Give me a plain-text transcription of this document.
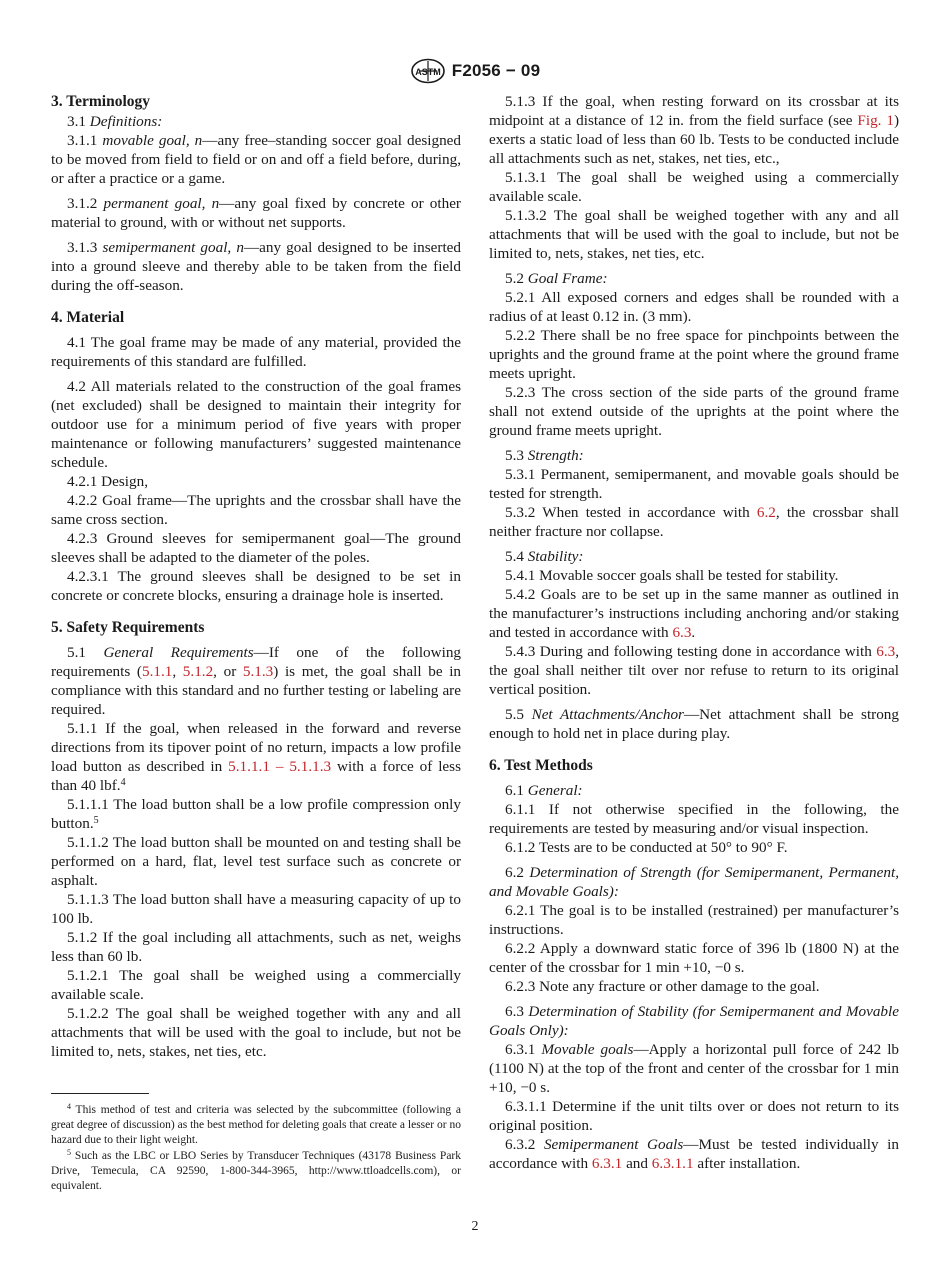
ASTM F2056 − 09
3. Terminology

3.1 Definitions:

3.1.1 movable goal, n—any free–standing soccer goal designed to be moved from field to field or on and off a field before, during, or after a practice or a game.

3.1.2 permanent goal, n—any goal fixed by concrete or other material to ground, with or without net supports.

3.1.3 semipermanent goal, n—any goal designed to be inserted into a ground sleeve and thereby able to be taken from the field during the off-season.

4. Material

4.1 The goal frame may be made of any material, provided the requirements of this standard are fulfilled.

4.2 All materials related to the construction of the goal frames (net excluded) shall be designed to maintain their integrity for outdoor use for a minimum period of five years with proper maintenance or following manufacturers’ suggested maintenance schedule.

4.2.1 Design,

4.2.2 Goal frame—The uprights and the crossbar shall have the same cross section.

4.2.3 Ground sleeves for semipermanent goal—The ground sleeves shall be adapted to the diameter of the poles.

4.2.3.1 The ground sleeves shall be designed to be set in concrete or concrete blocks, ensuring a drainage hole is inserted.

5. Safety Requirements

5.1 General Requirements—If one of the following requirements (5.1.1, 5.1.2, or 5.1.3) is met, the goal shall be in compliance with this standard and no further testing or labeling are required.

5.1.1 If the goal, when released in the forward and reverse directions from its tipover point of no return, impacts a low profile load button as described in 5.1.1.1 – 5.1.1.3 with a force of less than 40 lbf.$^4$

5.1.1.1 The load button shall be a low profile compression only button.$^5$

5.1.1.2 The load button shall be mounted on and testing shall be performed on a hard, flat, level test surface such as concrete or asphalt.

5.1.1.3 The load button shall have a measuring capacity of up to 100 lb.

5.1.2 If the goal including all attachments, such as net, weighs less than 60 lb.

5.1.2.1 The goal shall be weighed using a commercially available scale.

5.1.2.2 The goal shall be weighed together with any and all attachments that will be used with the goal to include, but not be limited to, nets, stakes, net ties, etc.

$^4$ This method of test and criteria was selected by the subcommittee (following a great degree of discussion) as the best method for deleting goals that create a lesser or no hazard due to their light weight.

$^5$ Such as the LBC or LBO Series by Transducer Techniques (43178 Business Park Drive, Temecula, CA 92590, 1-800-344-3965, http://www.ttloadcells.com), or equivalent.

5.1.3 If the goal, when resting forward on its crossbar at its midpoint at a distance of 12 in. from the field surface (see Fig. 1) exerts a static load of less than 60 lb. Tests to be conducted include all attachments such as net, stakes, net ties, etc.,

5.1.3.1 The goal shall be weighed using a commercially available scale.

5.1.3.2 The goal shall be weighed together with any and all attachments that will be used with the goal to include, but not be limited to, nets, stakes, net ties, etc.

5.2 Goal Frame:

5.2.1 All exposed corners and edges shall be rounded with a radius of at least 0.12 in. (3 mm).

5.2.2 There shall be no free space for pinchpoints between the uprights and the ground frame at the point where the ground frame meets upright.

5.2.3 The cross section of the side parts of the ground frame shall not extend outside of the uprights at the point where the ground frame meets upright.

5.3 Strength:

5.3.1 Permanent, semipermanent, and movable goals should be tested for strength.

5.3.2 When tested in accordance with 6.2, the crossbar shall neither fracture nor collapse.

5.4 Stability:

5.4.1 Movable soccer goals shall be tested for stability.

5.4.2 Goals are to be set up in the same manner as outlined in the manufacturer’s instructions including anchoring and/or staking and tested in accordance with 6.3.

5.4.3 During and following testing done in accordance with 6.3, the goal shall neither tilt over nor refuse to return to its original vertical position.

5.5 Net Attachments/Anchor—Net attachment shall be strong enough to hold net in place during play.

6. Test Methods

6.1 General:

6.1.1 If not otherwise specified in the following, the requirements are tested by measuring and/or visual inspection.

6.1.2 Tests are to be conducted at 50° to 90° F.

6.2 Determination of Strength (for Semipermanent, Permanent, and Movable Goals):

6.2.1 The goal is to be installed (restrained) per manufacturer’s instructions.

6.2.2 Apply a downward static force of 396 lb (1800 N) at the center of the crossbar for 1 min +10, −0 s.

6.2.3 Note any fracture or other damage to the goal.

6.3 Determination of Stability (for Semipermanent and Movable Goals Only):

6.3.1 Movable goals—Apply a horizontal pull force of 242 lb (1100 N) at the top of the front and center of the crossbar for 1 min +10, −0 s.

6.3.1.1 Determine if the unit tilts over or does not return to its original position.

6.3.2 Semipermanent Goals—Must be tested individually in accordance with 6.3.1 and 6.3.1.1 after installation.

2
